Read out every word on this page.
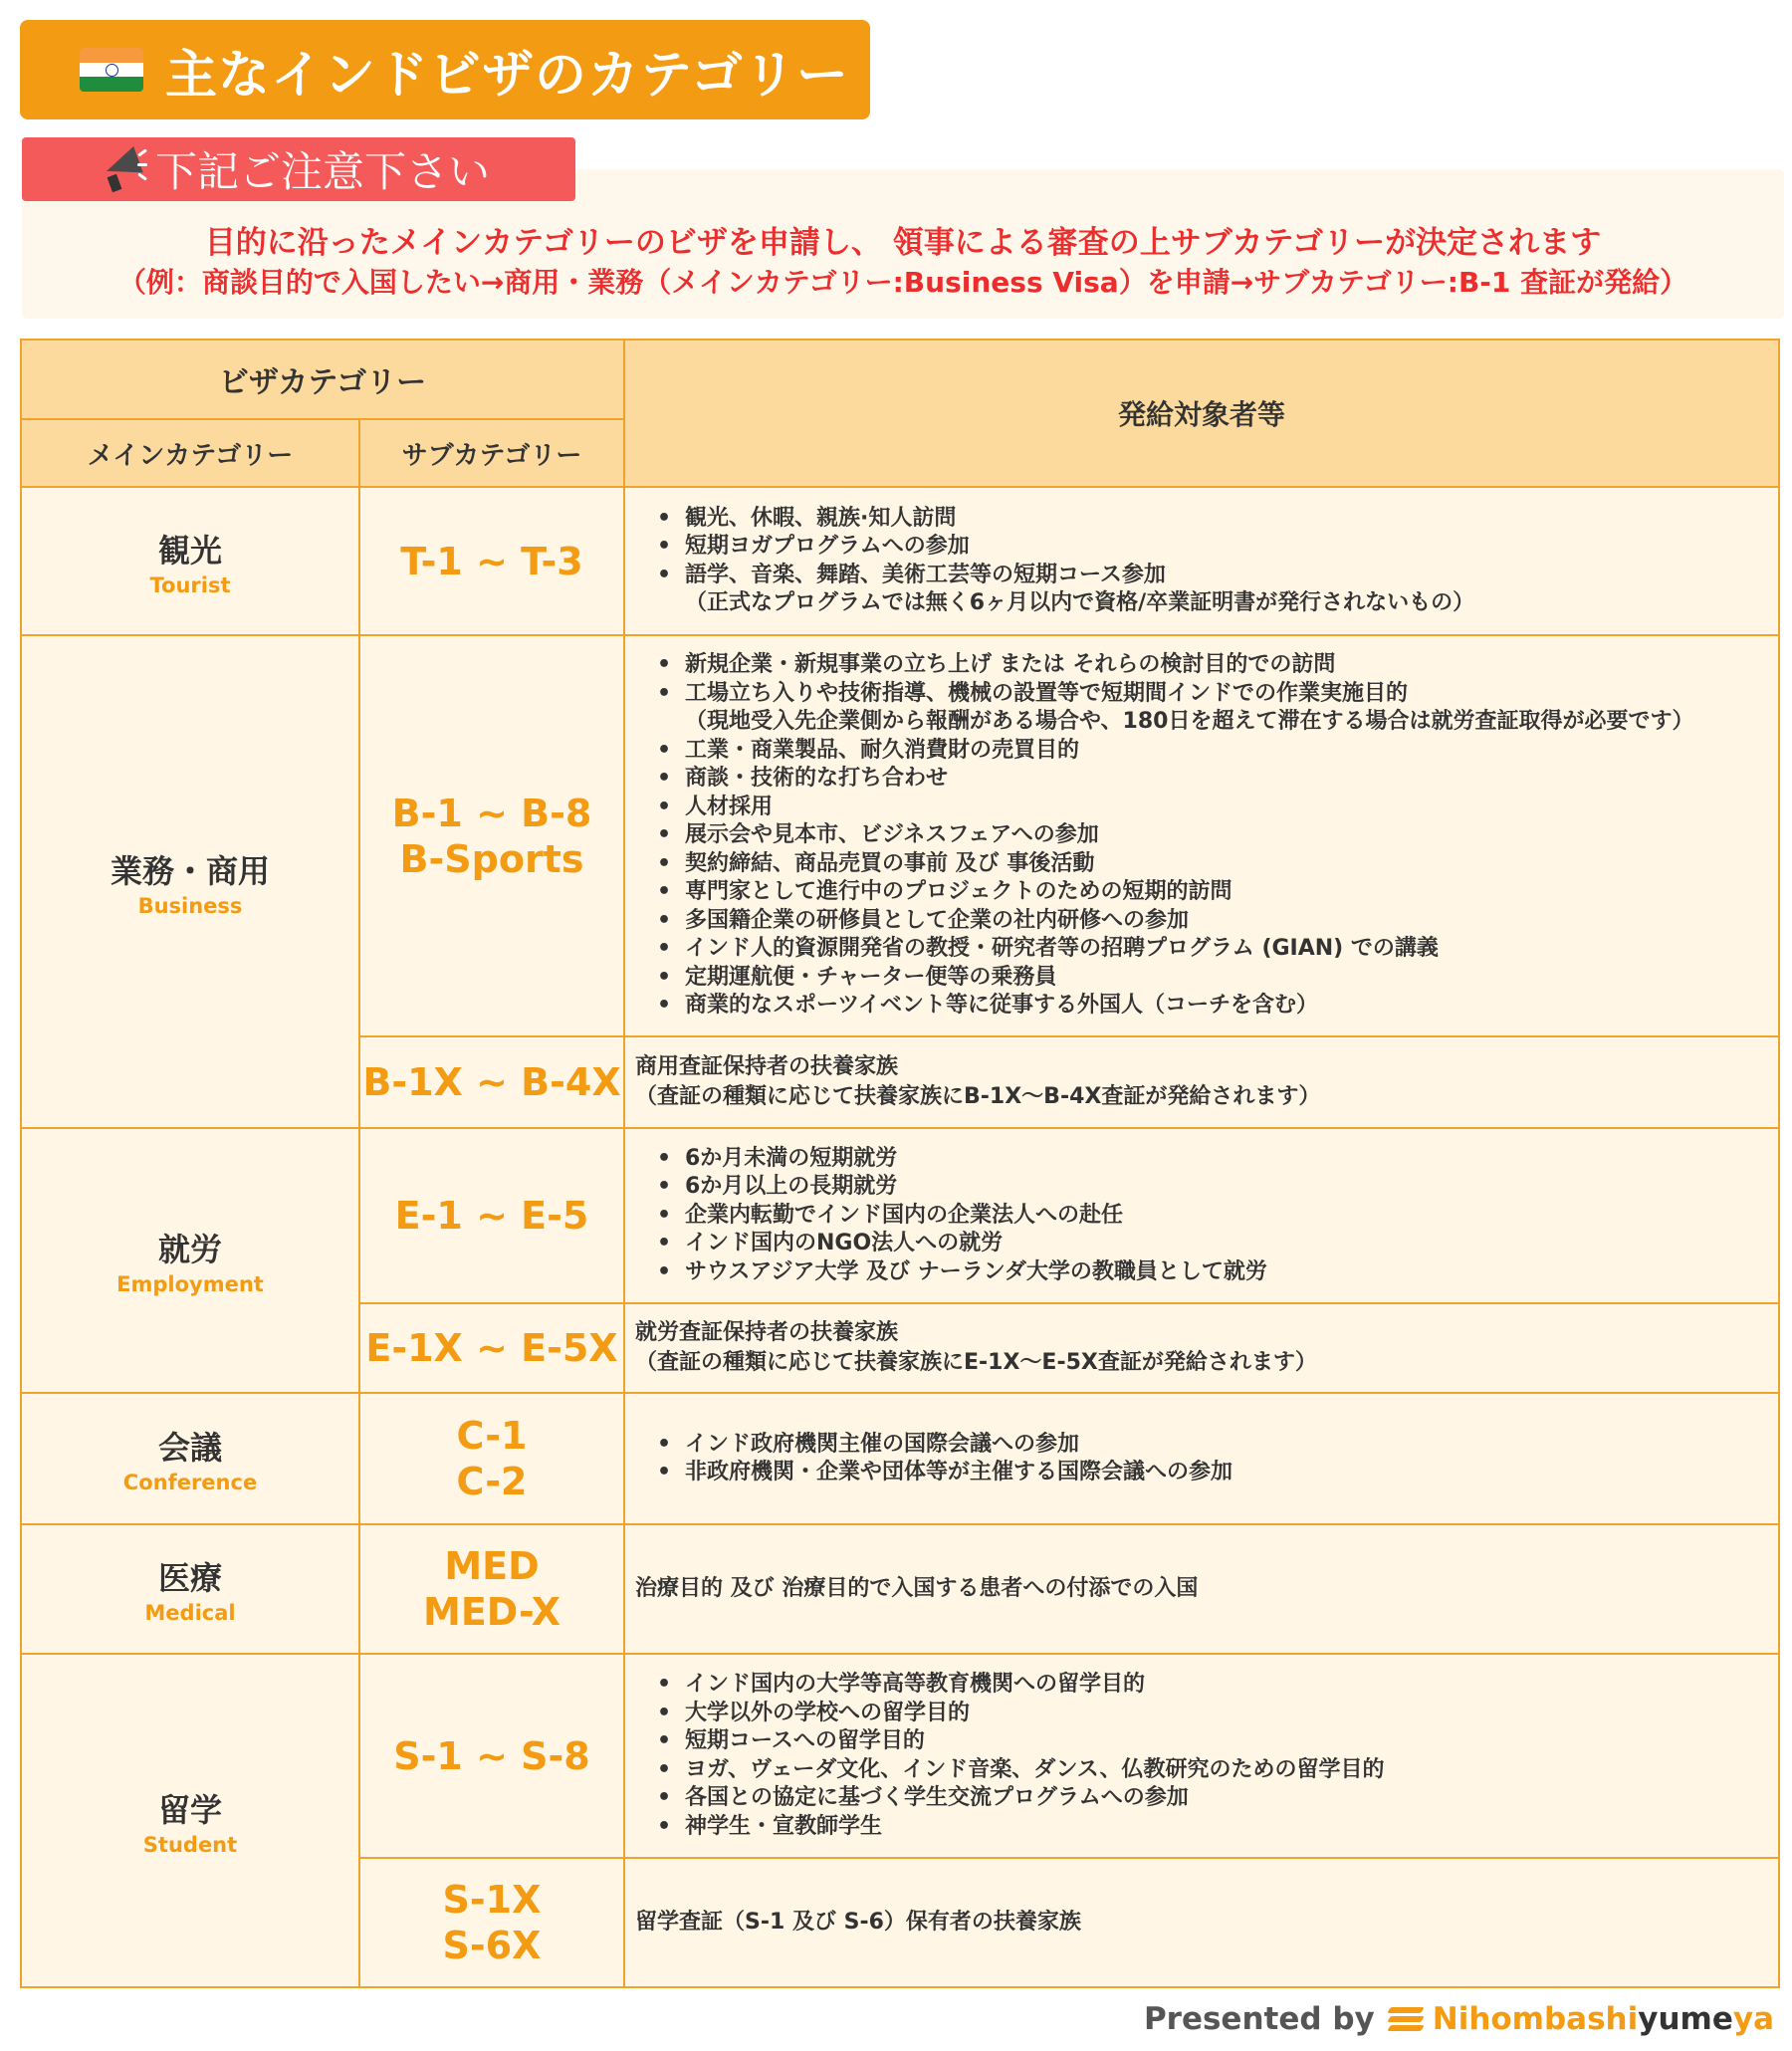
主なインドビザのカテゴリー
目的に沿ったメインカテゴリーのビザを申請し、 領事による審査の上サブカテゴリーが決定されます
（例：商談目的で入国したい→商用・業務（メインカテゴリー:Business Visa）を申請→サブカテゴリー:B-1 査証が発給）
下記ご注意下さい
ビザカテゴリー
メインカテゴリー	サブカテゴリー
発給対象者等
観光
Tourist
T-1 ~ T-3
• 観光、休暇、親族·知人訪問
• 短期ヨガプログラムへの参加
• 語学、音楽、舞踏、美術工芸等の短期コース参加
（正式なプログラムでは無く6ヶ月以内で資格/卒業証明書が発行されないもの）
業務・商用
Business
B-1 ~ B-8
B-Sports
• 新規企業・新規事業の立ち上げ または それらの検討目的での訪問
• 工場立ち入りや技術指導、機械の設置等で短期間インドでの作業実施目的
（現地受入先企業側から報酬がある場合や、180日を超えて滞在する場合は就労査証取得が必要です）
• 工業・商業製品、耐久消費財の売買目的
• 商談・技術的な打ち合わせ
• 人材採用
• 展示会や見本市、ビジネスフェアへの参加
• 契約締結、商品売買の事前 及び 事後活動
• 専門家として進行中のプロジェクトのための短期的訪問
• 多国籍企業の研修員として企業の社内研修への参加
• インド人的資源開発省の教授・研究者等の招聘プログラム (GIAN) での講義
• 定期運航便・チャーター便等の乗務員
• 商業的なスポーツイベント等に従事する外国人（コーチを含む）
B-1X ~ B-4X 商用査証保持者の扶養家族
（査証の種類に応じて扶養家族にB-1X～B-4X査証が発給されます）
就労
Employment
E-1 ~ E-5
• 6か月未満の短期就労
• 6か月以上の長期就労
• 企業内転勤でインド国内の企業法人への赴任
• インド国内のNGO法人への就労
• サウスアジア大学 及び ナーランダ大学の教職員として就労
E-1X ~ E-5X 就労査証保持者の扶養家族
（査証の種類に応じて扶養家族にE-1X～E-5X査証が発給されます）
会議
Conference
C-1
C-2
• インド政府機関主催の国際会議への参加
• 非政府機関・企業や団体等が主催する国際会議への参加
医療
Medical
MED
MED-X
治療目的 及び 治療目的で入国する患者への付添での入国
留学
Student
S-1 ~ S-8
• インド国内の大学等高等教育機関への留学目的
• 大学以外の学校への留学目的
• 短期コースへの留学目的
• ヨガ、ヴェーダ文化、インド音楽、ダンス、仏教研究のための留学目的
• 各国との協定に基づく学生交流プログラムへの参加
• 神学生・宣教師学生
S-1X
S-6X
留学査証（S-1 及び S-6）保有者の扶養家族
Presented by Nihombashi yume ya
